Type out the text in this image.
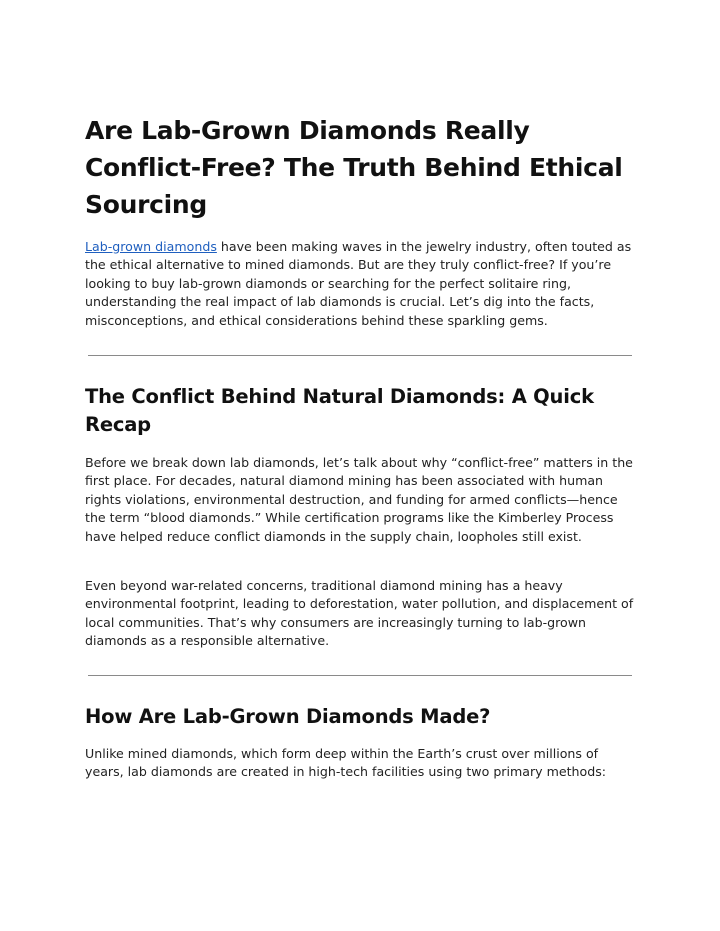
Are Lab-Grown Diamonds Really Conflict-Free? The Truth Behind Ethical Sourcing

Lab-grown diamonds have been making waves in the jewelry industry, often touted as the ethical alternative to mined diamonds. But are they truly conflict-free? If you’re looking to buy lab-grown diamonds or searching for the perfect solitaire ring, understanding the real impact of lab diamonds is crucial. Let’s dig into the facts, misconceptions, and ethical considerations behind these sparkling gems.

The Conflict Behind Natural Diamonds: A Quick Recap

Before we break down lab diamonds, let’s talk about why “conflict-free” matters in the first place. For decades, natural diamond mining has been associated with human rights violations, environmental destruction, and funding for armed conflicts—hence the term “blood diamonds.” While certification programs like the Kimberley Process have helped reduce conflict diamonds in the supply chain, loopholes still exist.

Even beyond war-related concerns, traditional diamond mining has a heavy environmental footprint, leading to deforestation, water pollution, and displacement of local communities. That’s why consumers are increasingly turning to lab-grown diamonds as a responsible alternative.

How Are Lab-Grown Diamonds Made?

Unlike mined diamonds, which form deep within the Earth’s crust over millions of years, lab diamonds are created in high-tech facilities using two primary methods:
